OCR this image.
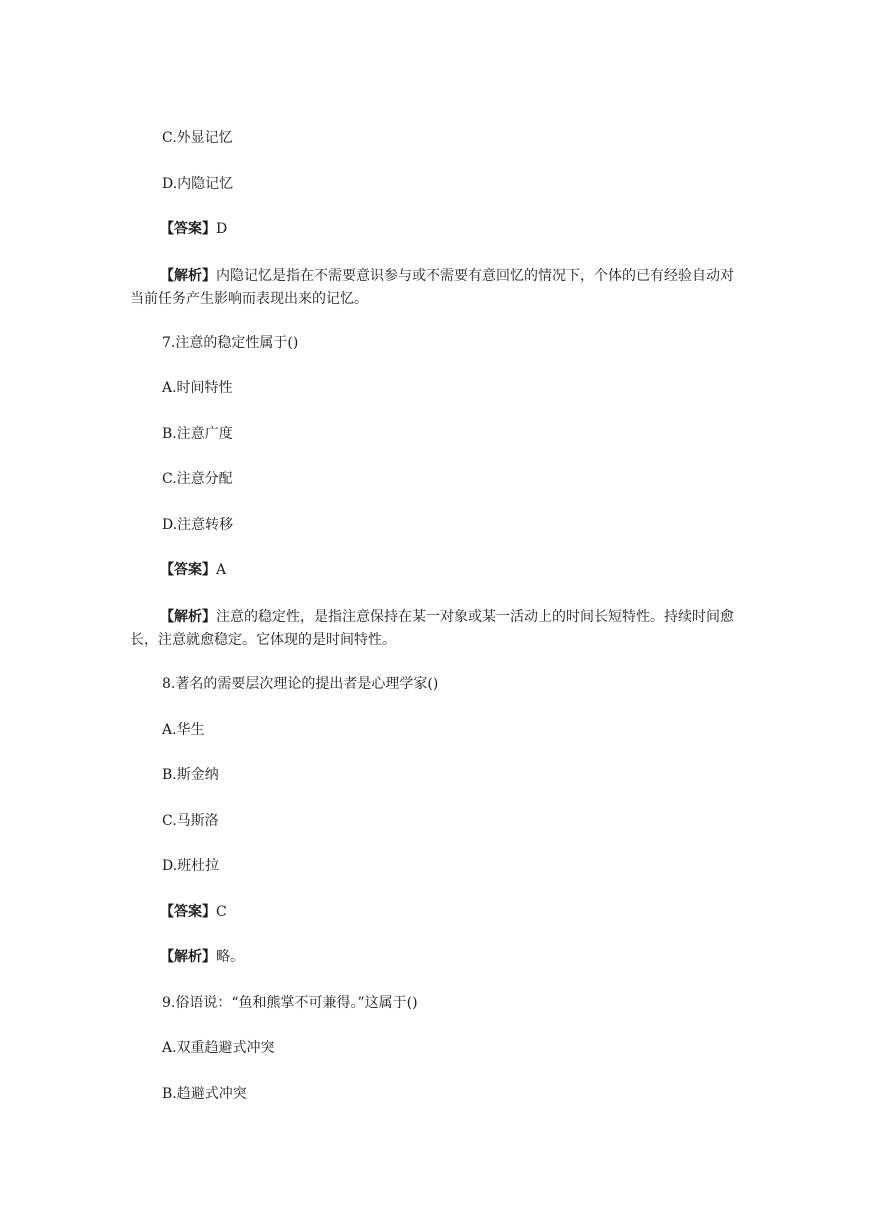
C.外显记忆
D.内隐记忆
【答案】D
【解析】内隐记忆是指在不需要意识参与或不需要有意回忆的情况下，个体的已有经验自动对当前任务产生影响而表现出来的记忆。
7.注意的稳定性属于()
A.时间特性
B.注意广度
C.注意分配
D.注意转移
【答案】A
【解析】注意的稳定性，是指注意保持在某一对象或某一活动上的时间长短特性。持续时间愈长，注意就愈稳定。它体现的是时间特性。
8.著名的需要层次理论的提出者是心理学家()
A.华生
B.斯金纳
C.马斯洛
D.班杜拉
【答案】C
【解析】略。
9.俗语说：“鱼和熊掌不可兼得。”这属于()
A.双重趋避式冲突
B.趋避式冲突
